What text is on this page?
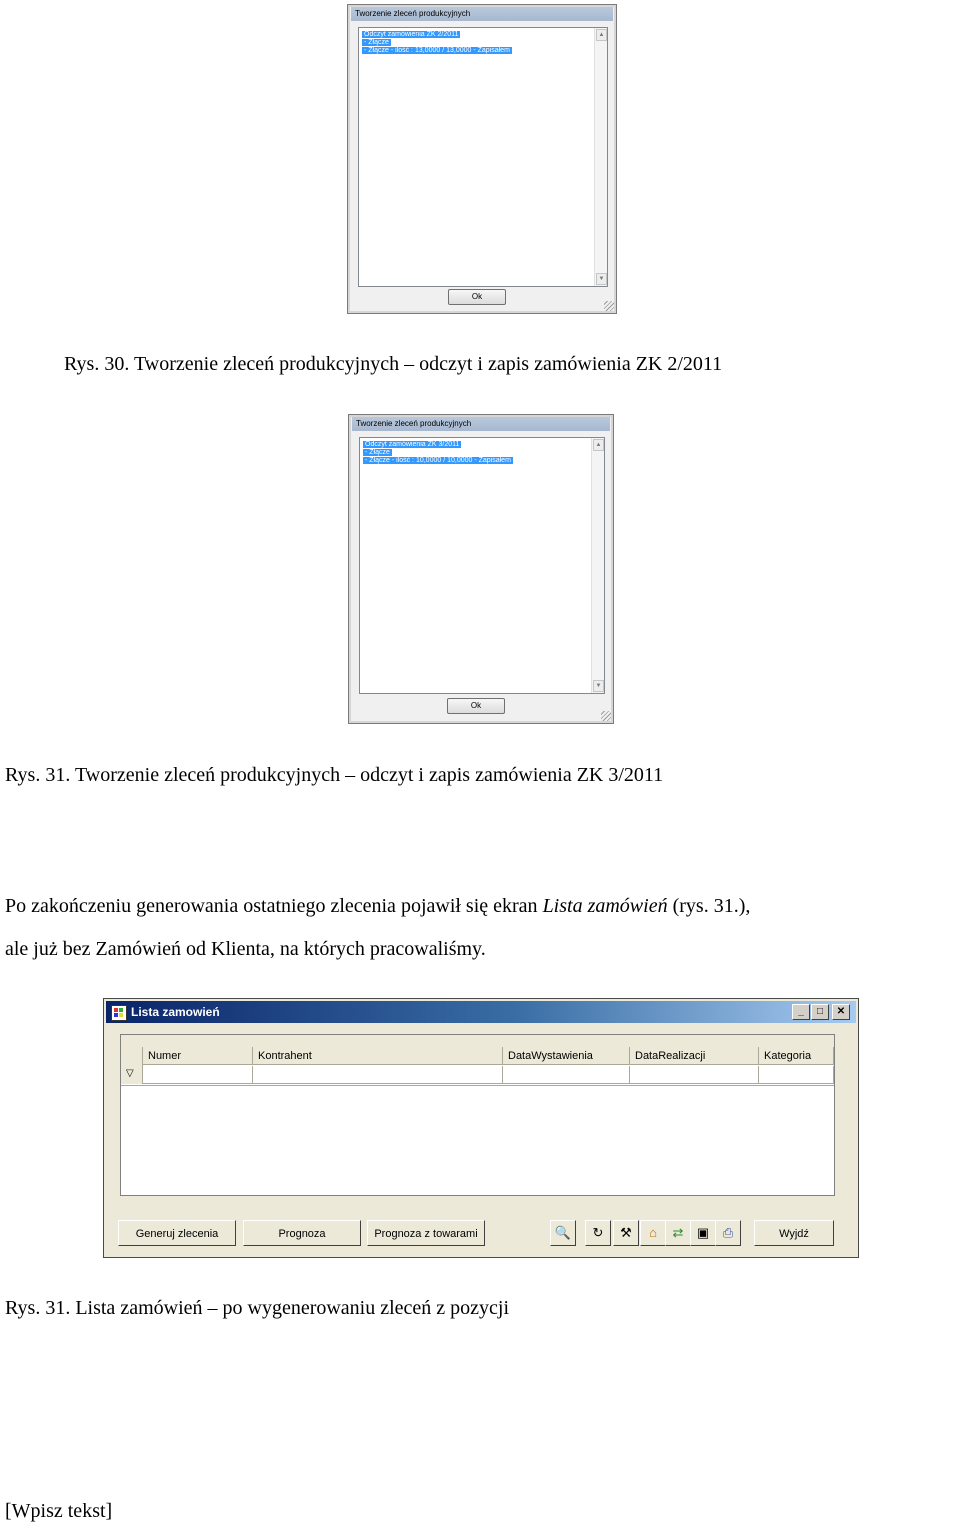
Tworzenie zleceń produkcyjnych
Odczyt zamówienia ZK 2/2011
- Złącze
- Złącze - ilość : 13,0000 / 13,0000 - Zapisałem
▲
▼
Ok
Rys. 30. Tworzenie zleceń produkcyjnych – odczyt i zapis zamówienia ZK 2/2011
Tworzenie zleceń produkcyjnych
Odczyt zamówienia ZK 3/2011
- Złącze
- Złącze - ilość : 10,0000 / 10,0000 - Zapisałem
▲
▼
Ok
Rys. 31. Tworzenie zleceń produkcyjnych – odczyt i zapis zamówienia ZK 3/2011
Po zakończeniu generowania ostatniego zlecenia pojawił się ekran Lista zamówień (rys. 31.),
ale już bez Zamówień od Klienta, na których pracowaliśmy.
Lista zamowień	_	□	✕
▽
Numer	Kontrahent	DataWystawienia	DataRealizacji	Kategoria
Generuj zlecenia	Prognoza	Prognoza z towarami	🔍	↻	⚒	⌂	⇄	▣	⎙	Wyjdź
Rys. 31. Lista zamówień – po wygenerowaniu zleceń z pozycji
[Wpisz tekst]
